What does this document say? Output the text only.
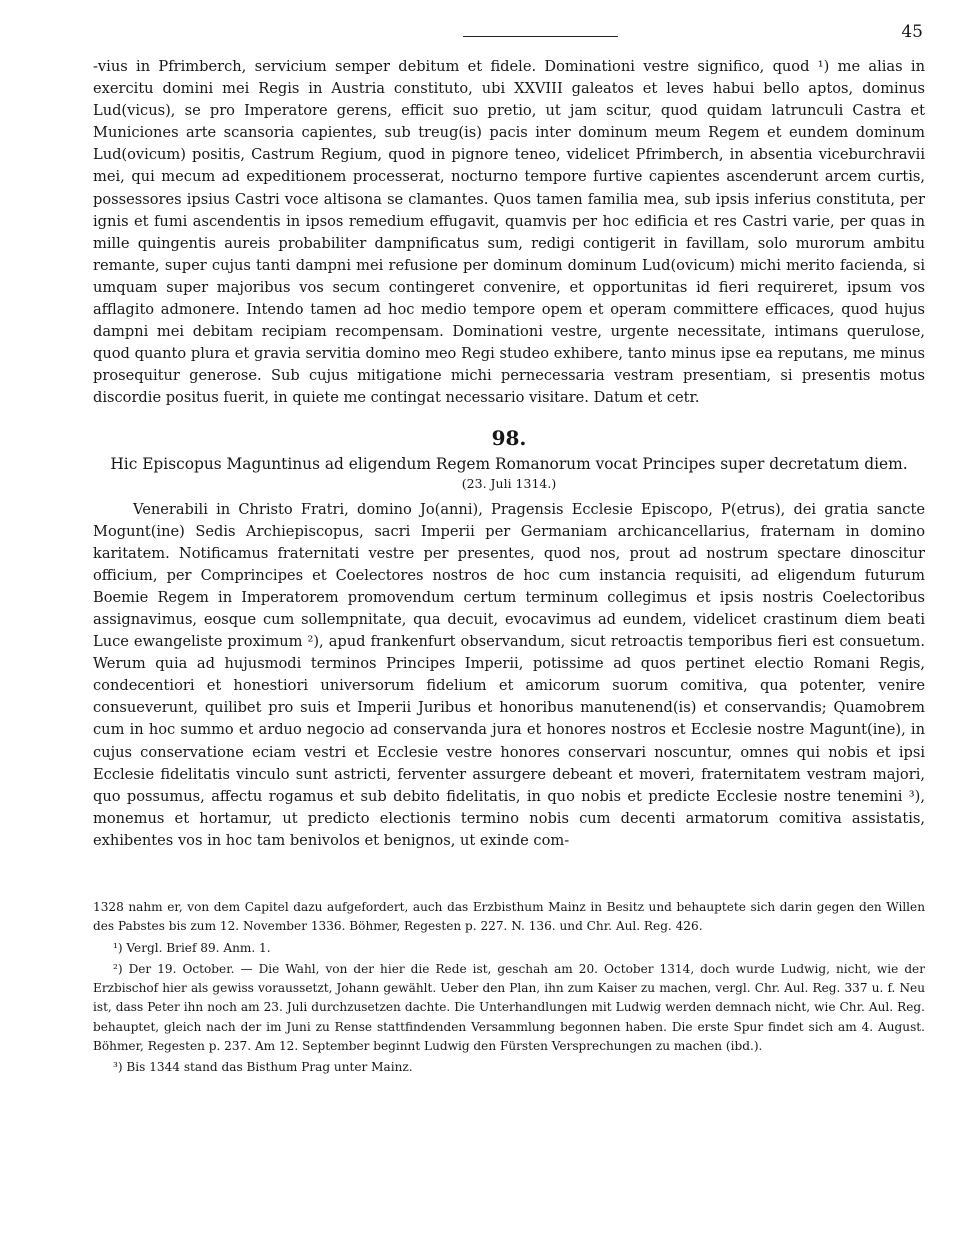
45

-vius in Pfrimberch, servicium semper debitum et fidele. Dominationi vestre significo, quod ¹) me alias in exercitu domini mei Regis in Austria constituto, ubi XXVIII galeatos et leves habui bello aptos, dominus Lud(vicus), se pro Imperatore gerens, efficit suo pretio, ut jam scitur, quod quidam latrunculi Castra et Municiones arte scansoria capientes, sub treug(is) pacis inter dominum meum Regem et eundem dominum Lud(ovicum) positis, Castrum Regium, quod in pignore teneo, videlicet Pfrimberch, in absentia viceburchravii mei, qui mecum ad expeditionem processerat, nocturno tempore furtive capientes ascenderunt arcem curtis, possessores ipsius Castri voce altisona se clamantes. Quos tamen familia mea, sub ipsis inferius constituta, per ignis et fumi ascendentis in ipsos remedium effugavit, quamvis per hoc edificia et res Castri varie, per quas in mille quingentis aureis probabiliter dampnificatus sum, redigi contigerit in favillam, solo murorum ambitu remante, super cujus tanti dampni mei refusione per dominum dominum Lud(ovicum) michi merito facienda, si umquam super majoribus vos secum contingeret convenire, et opportunitas id fieri requireret, ipsum vos afflagito admonere. Intendo tamen ad hoc medio tempore opem et operam committere efficaces, quod hujus dampni mei debitam recipiam recompensam. Dominationi vestre, urgente necessitate, intimans querulose, quod quanto plura et gravia servitia domino meo Regi studeo exhibere, tanto minus ipse ea reputans, me minus prosequitur generose. Sub cujus mitigatione michi pernecessaria vestram presentiam, si presentis motus discordie positus fuerit, in quiete me contingat necessario visitare. Datum et cetr.

98.

Hic Episcopus Maguntinus ad eligendum Regem Romanorum vocat Principes super decretatum diem.

(23. Juli 1314.)

Venerabili in Christo Fratri, domino Jo(anni), Pragensis Ecclesie Episcopo, P(etrus), dei gratia sancte Mogunt(ine) Sedis Archiepiscopus, sacri Imperii per Germaniam archicancellarius, fraternam in domino karitatem. Notificamus fraternitati vestre per presentes, quod nos, prout ad nostrum spectare dinoscitur officium, per Comprincipes et Coelectores nostros de hoc cum instancia requisiti, ad eligendum futurum Boemie Regem in Imperatorem promovendum certum terminum collegimus et ipsis nostris Coelectoribus assignavimus, eosque cum sollempnitate, qua decuit, evocavimus ad eundem, videlicet crastinum diem beati Luce ewangeliste proximum ²), apud frankenfurt observandum, sicut retroactis temporibus fieri est consuetum. Werum quia ad hujusmodi terminos Principes Imperii, potissime ad quos pertinet electio Romani Regis, condecentiori et honestiori universorum fidelium et amicorum suorum comitiva, qua potenter, venire consueverunt, quilibet pro suis et Imperii Juribus et honoribus manutenend(is) et conservandis; Quamobrem cum in hoc summo et arduo negocio ad conservanda jura et honores nostros et Ecclesie nostre Magunt(ine), in cujus conservatione eciam vestri et Ecclesie vestre honores conservari noscuntur, omnes qui nobis et ipsi Ecclesie fidelitatis vinculo sunt astricti, ferventer assurgere debeant et moveri, fraternitatem vestram majori, quo possumus, affectu rogamus et sub debito fidelitatis, in quo nobis et predicte Ecclesie nostre tenemini ³), monemus et hortamur, ut predicto electionis termino nobis cum decenti armatorum comitiva assistatis, exhibentes vos in hoc tam benivolos et benignos, ut exinde com-

1328 nahm er, von dem Capitel dazu aufgefordert, auch das Erzbisthum Mainz in Besitz und behauptete sich darin gegen den Willen des Pabstes bis zum 12. November 1336. Böhmer, Regesten p. 227. N. 136. und Chr. Aul. Reg. 426.

¹) Vergl. Brief 89. Anm. 1.

²) Der 19. October. — Die Wahl, von der hier die Rede ist, geschah am 20. October 1314, doch wurde Ludwig, nicht, wie der Erzbischof hier als gewiss voraussetzt, Johann gewählt. Ueber den Plan, ihn zum Kaiser zu machen, vergl. Chr. Aul. Reg. 337 u. f. Neu ist, dass Peter ihn noch am 23. Juli durchzusetzen dachte. Die Unterhandlungen mit Ludwig werden demnach nicht, wie Chr. Aul. Reg. behauptet, gleich nach der im Juni zu Rense stattfindenden Versammlung begonnen haben. Die erste Spur findet sich am 4. August. Böhmer, Regesten p. 237. Am 12. September beginnt Ludwig den Fürsten Versprechungen zu machen (ibd.).

³) Bis 1344 stand das Bisthum Prag unter Mainz.
